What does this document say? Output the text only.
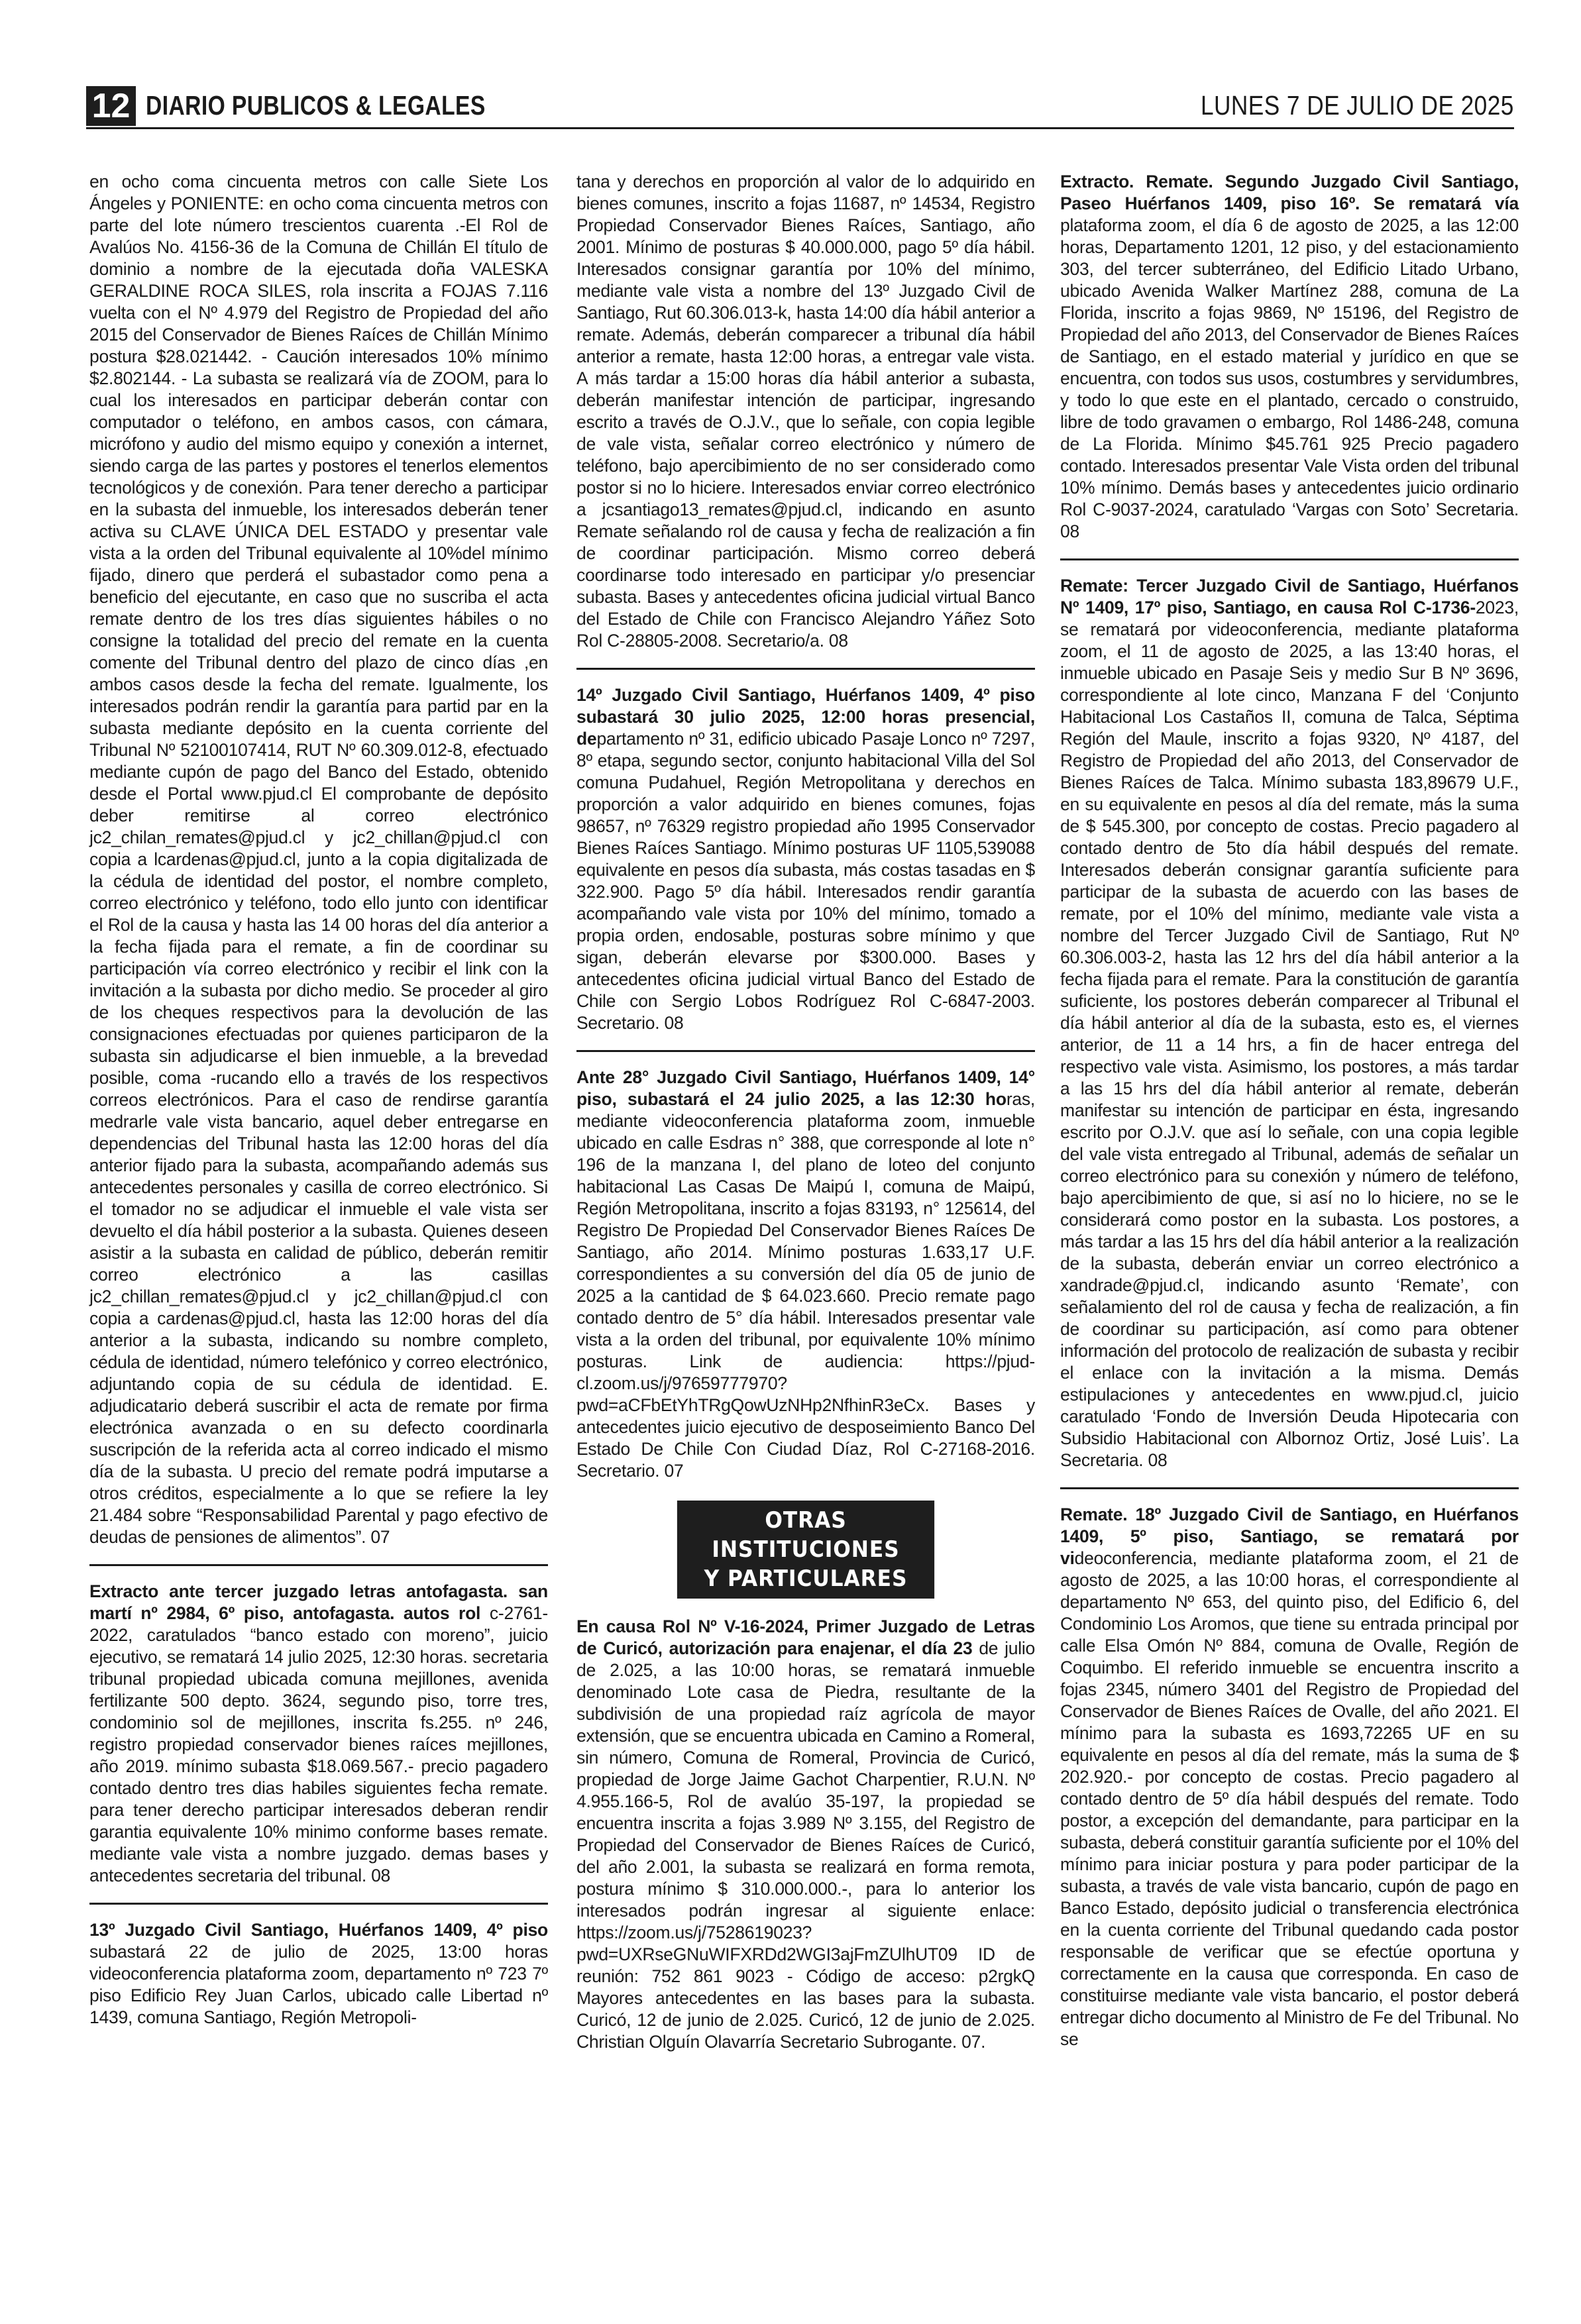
12 DIARIO PUBLICOS & LEGALES	LUNES 7 DE JULIO DE 2025

en ocho coma cincuenta metros con calle Siete Los Ángeles y PONIENTE: en ocho coma cincuenta metros con parte del lote número trescientos cuarenta .-El Rol de Avalúos No. 4156-36 de la Comuna de Chillán El título de dominio a nombre de la ejecutada doña VALESKA GERALDINE ROCA SILES, rola inscrita a FOJAS 7.116 vuelta con el Nº 4.979 del Registro de Propiedad del año 2015 del Conservador de Bienes Raíces de Chillán Mínimo postura $28.021442. - Caución interesados 10% mínimo $2.802144. - La subasta se realizará vía de ZOOM, para lo cual los interesados en participar deberán contar con computador o teléfono, en ambos casos, con cámara, micrófono y audio del mismo equipo y conexión a internet, siendo carga de las partes y postores el tenerlos elementos tecnológicos y de conexión. Para tener derecho a participar en la subasta del inmueble, los interesados deberán tener activa su CLAVE ÚNICA DEL ESTADO y presentar vale vista a la orden del Tribunal equivalente al 10%del mínimo fijado, dinero que perderá el subastador como pena a beneficio del ejecutante, en caso que no suscriba el acta remate dentro de los tres días siguientes hábiles o no consigne la totalidad del precio del remate en la cuenta comente del Tribunal dentro del plazo de cinco días ,en ambos casos desde la fecha del remate. Igualmente, los interesados podrán rendir la garantía para partid par en la subasta mediante depósito en la cuenta corriente del Tribunal Nº 52100107414, RUT Nº 60.309.012-8, efectuado mediante cupón de pago del Banco del Estado, obtenido desde el Portal www.pjud.cl El comprobante de depósito deber remitirse al correo electrónico jc2_chilan_remates@pjud.cl y jc2_chillan@pjud.cl con copia a lcardenas@pjud.cl, junto a la copia digitalizada de la cédula de identidad del postor, el nombre completo, correo electrónico y teléfono, todo ello junto con identificar el Rol de la causa y hasta las 14 00 horas del día anterior a la fecha fijada para el remate, a fin de coordinar su participación vía correo electrónico y recibir el link con la invitación a la subasta por dicho medio. Se proceder al giro de los cheques respectivos para la devolución de las consignaciones efectuadas por quienes participaron de la subasta sin adjudicarse el bien inmueble, a la brevedad posible, coma -rucando ello a través de los respectivos correos electrónicos. Para el caso de rendirse garantía medrarle vale vista bancario, aquel deber entregarse en dependencias del Tribunal hasta las 12:00 horas del día anterior fijado para la subasta, acompañando además sus antecedentes personales y casilla de correo electrónico. Si el tomador no se adjudicar el inmueble el vale vista ser devuelto el día hábil posterior a la subasta. Quienes deseen asistir a la subasta en calidad de público, deberán remitir correo electrónico a las casillas jc2_chillan_remates@pjud.cl y jc2_chillan@pjud.cl con copia a cardenas@pjud.cl, hasta las 12:00 horas del día anterior a la subasta, indicando su nombre completo, cédula de identidad, número telefónico y correo electrónico, adjuntando copia de su cédula de identidad. E. adjudicatario deberá suscribir el acta de remate por firma electrónica avanzada o en su defecto coordinarla suscripción de la referida acta al correo indicado el mismo día de la subasta. U precio del remate podrá imputarse a otros créditos, especialmente a lo que se refiere la ley 21.484 sobre “Responsabilidad Parental y pago efectivo de deudas de pensiones de alimentos”. 07

Extracto ante tercer juzgado letras antofagasta. san martí nº 2984, 6º piso, antofagasta. autos rol c-2761-2022, caratulados “banco estado con moreno”, juicio ejecutivo, se rematará 14 julio 2025, 12:30 horas. secretaria tribunal propiedad ubicada comuna mejillones, avenida fertilizante 500 depto. 3624, segundo piso, torre tres, condominio sol de mejillones, inscrita fs.255. nº 246, registro propiedad conservador bienes raíces mejillones, año 2019. mínimo subasta $18.069.567.- precio pagadero contado dentro tres dias habiles siguientes fecha remate. para tener derecho participar interesados deberan rendir garantia equivalente 10% minimo conforme bases remate. mediante vale vista a nombre juzgado. demas bases y antecedentes secretaria del tribunal. 08

13º Juzgado Civil Santiago, Huérfanos 1409, 4º piso subastará 22 de julio de 2025, 13:00 horas videoconferencia plataforma zoom, departamento nº 723 7º piso Edificio Rey Juan Carlos, ubicado calle Libertad nº 1439, comuna Santiago, Región Metropoli-

tana y derechos en proporción al valor de lo adquirido en bienes comunes, inscrito a fojas 11687, nº 14534, Registro Propiedad Conservador Bienes Raíces, Santiago, año 2001. Mínimo de posturas $ 40.000.000, pago 5º día hábil. Interesados consignar garantía por 10% del mínimo, mediante vale vista a nombre del 13º Juzgado Civil de Santiago, Rut 60.306.013-k, hasta 14:00 día hábil anterior a remate. Además, deberán comparecer a tribunal día hábil anterior a remate, hasta 12:00 horas, a entregar vale vista. A más tardar a 15:00 horas día hábil anterior a subasta, deberán manifestar intención de participar, ingresando escrito a través de O.J.V., que lo señale, con copia legible de vale vista, señalar correo electrónico y número de teléfono, bajo apercibimiento de no ser considerado como postor si no lo hiciere. Interesados enviar correo electrónico a jcsantiago13_remates@pjud.cl, indicando en asunto Remate señalando rol de causa y fecha de realización a fin de coordinar participación. Mismo correo deberá coordinarse todo interesado en participar y/o presenciar subasta. Bases y antecedentes oficina judicial virtual Banco del Estado de Chile con Francisco Alejandro Yáñez Soto Rol C-28805-2008. Secretario/a. 08

14º Juzgado Civil Santiago, Huérfanos 1409, 4º piso subastará 30 julio 2025, 12:00 horas presencial, departamento nº 31, edificio ubicado Pasaje Lonco nº 7297, 8º etapa, segundo sector, conjunto habitacional Villa del Sol comuna Pudahuel, Región Metropolitana y derechos en proporción a valor adquirido en bienes comunes, fojas 98657, nº 76329 registro propiedad año 1995 Conservador Bienes Raíces Santiago. Mínimo posturas UF 1105,539088 equivalente en pesos día subasta, más costas tasadas en $ 322.900. Pago 5º día hábil. Interesados rendir garantía acompañando vale vista por 10% del mínimo, tomado a propia orden, endosable, posturas sobre mínimo y que sigan, deberán elevarse por $300.000. Bases y antecedentes oficina judicial virtual Banco del Estado de Chile con Sergio Lobos Rodríguez Rol C-6847-2003. Secretario. 08

Ante 28° Juzgado Civil Santiago, Huérfanos 1409, 14° piso, subastará el 24 julio 2025, a las 12:30 horas, mediante videoconferencia plataforma zoom, inmueble ubicado en calle Esdras n° 388, que corresponde al lote n° 196 de la manzana I, del plano de loteo del conjunto habitacional Las Casas De Maipú I, comuna de Maipú, Región Metropolitana, inscrito a fojas 83193, n° 125614, del Registro De Propiedad Del Conservador Bienes Raíces De Santiago, año 2014. Mínimo posturas 1.633,17 U.F. correspondientes a su conversión del día 05 de junio de 2025 a la cantidad de $ 64.023.660. Precio remate pago contado dentro de 5° día hábil. Interesados presentar vale vista a la orden del tribunal, por equivalente 10% mínimo posturas. Link de audiencia: https://pjud-cl.zoom.us/j/97659777970?pwd=aCFbEtYhTRgQowUzNHp2NfhinR3eCx. Bases y antecedentes juicio ejecutivo de desposeimiento Banco Del Estado De Chile Con Ciudad Díaz, Rol C-27168-2016. Secretario. 07

OTRAS INSTITUCIONES
Y PARTICULARES

En causa Rol Nº V-16-2024, Primer Juzgado de Letras de Curicó, autorización para enajenar, el día 23 de julio de 2.025, a las 10:00 horas, se rematará inmueble denominado Lote casa de Piedra, resultante de la subdivisión de una propiedad raíz agrícola de mayor extensión, que se encuentra ubicada en Camino a Romeral, sin número, Comuna de Romeral, Provincia de Curicó, propiedad de Jorge Jaime Gachot Charpentier, R.U.N. Nº 4.955.166-5, Rol de avalúo 35-197, la propiedad se encuentra inscrita a fojas 3.989 Nº 3.155, del Registro de Propiedad del Conservador de Bienes Raíces de Curicó, del año 2.001, la subasta se realizará en forma remota, postura mínimo $ 310.000.000.-, para lo anterior los interesados podrán ingresar al siguiente enlace: https://zoom.us/j/7528619023?pwd=UXRseGNuWIFXRDd2WGI3ajFmZUlhUT09 ID de reunión: 752 861 9023 - Código de acceso: p2rgkQ Mayores antecedentes en las bases para la subasta. Curicó, 12 de junio de 2.025. Curicó, 12 de junio de 2.025. Christian Olguín Olavarría Secretario Subrogante. 07.

Extracto. Remate. Segundo Juzgado Civil Santiago, Paseo Huérfanos 1409, piso 16º. Se rematará vía plataforma zoom, el día 6 de agosto de 2025, a las 12:00 horas, Departamento 1201, 12 piso, y del estacionamiento 303, del tercer subterráneo, del Edificio Litado Urbano, ubicado Avenida Walker Martínez 288, comuna de La Florida, inscrito a fojas 9869, Nº 15196, del Registro de Propiedad del año 2013, del Conservador de Bienes Raíces de Santiago, en el estado material y jurídico en que se encuentra, con todos sus usos, costumbres y servidumbres, y todo lo que este en el plantado, cercado o construido, libre de todo gravamen o embargo, Rol 1486-248, comuna de La Florida. Mínimo $45.761 925 Precio pagadero contado. Interesados presentar Vale Vista orden del tribunal 10% mínimo. Demás bases y antecedentes juicio ordinario Rol C-9037-2024, caratulado ‘Vargas con Soto’ Secretaria. 08

Remate: Tercer Juzgado Civil de Santiago, Huérfanos Nº 1409, 17º piso, Santiago, en causa Rol C-1736-2023, se rematará por videoconferencia, mediante plataforma zoom, el 11 de agosto de 2025, a las 13:40 horas, el inmueble ubicado en Pasaje Seis y medio Sur B Nº 3696, correspondiente al lote cinco, Manzana F del ‘Conjunto Habitacional Los Castaños II, comuna de Talca, Séptima Región del Maule, inscrito a fojas 9320, Nº 4187, del Registro de Propiedad del año 2013, del Conservador de Bienes Raíces de Talca. Mínimo subasta 183,89679 U.F., en su equivalente en pesos al día del remate, más la suma de $ 545.300, por concepto de costas. Precio pagadero al contado dentro de 5to día hábil después del remate. Interesados deberán consignar garantía suficiente para participar de la subasta de acuerdo con las bases de remate, por el 10% del mínimo, mediante vale vista a nombre del Tercer Juzgado Civil de Santiago, Rut Nº 60.306.003-2, hasta las 12 hrs del día hábil anterior a la fecha fijada para el remate. Para la constitución de garantía suficiente, los postores deberán comparecer al Tribunal el día hábil anterior al día de la subasta, esto es, el viernes anterior, de 11 a 14 hrs, a fin de hacer entrega del respectivo vale vista. Asimismo, los postores, a más tardar a las 15 hrs del día hábil anterior al remate, deberán manifestar su intención de participar en ésta, ingresando escrito por O.J.V. que así lo señale, con una copia legible del vale vista entregado al Tribunal, además de señalar un correo electrónico para su conexión y número de teléfono, bajo apercibimiento de que, si así no lo hiciere, no se le considerará como postor en la subasta. Los postores, a más tardar a las 15 hrs del día hábil anterior a la realización de la subasta, deberán enviar un correo electrónico a xandrade@pjud.cl, indicando asunto ‘Remate’, con señalamiento del rol de causa y fecha de realización, a fin de coordinar su participación, así como para obtener información del protocolo de realización de subasta y recibir el enlace con la invitación a la misma. Demás estipulaciones y antecedentes en www.pjud.cl, juicio caratulado ‘Fondo de Inversión Deuda Hipotecaria con Subsidio Habitacional con Albornoz Ortiz, José Luis’. La Secretaria. 08

Remate. 18º Juzgado Civil de Santiago, en Huérfanos 1409, 5º piso, Santiago, se rematará por videoconferencia, mediante plataforma zoom, el 21 de agosto de 2025, a las 10:00 horas, el correspondiente al departamento Nº 653, del quinto piso, del Edificio 6, del Condominio Los Aromos, que tiene su entrada principal por calle Elsa Omón Nº 884, comuna de Ovalle, Región de Coquimbo. El referido inmueble se encuentra inscrito a fojas 2345, número 3401 del Registro de Propiedad del Conservador de Bienes Raíces de Ovalle, del año 2021. El mínimo para la subasta es 1693,72265 UF en su equivalente en pesos al día del remate, más la suma de $ 202.920.- por concepto de costas. Precio pagadero al contado dentro de 5º día hábil después del remate. Todo postor, a excepción del demandante, para participar en la subasta, deberá constituir garantía suficiente por el 10% del mínimo para iniciar postura y para poder participar de la subasta, a través de vale vista bancario, cupón de pago en Banco Estado, depósito judicial o transferencia electrónica en la cuenta corriente del Tribunal quedando cada postor responsable de verificar que se efectúe oportuna y correctamente en la causa que corresponda. En caso de constituirse mediante vale vista bancario, el postor deberá entregar dicho documento al Ministro de Fe del Tribunal. No se
